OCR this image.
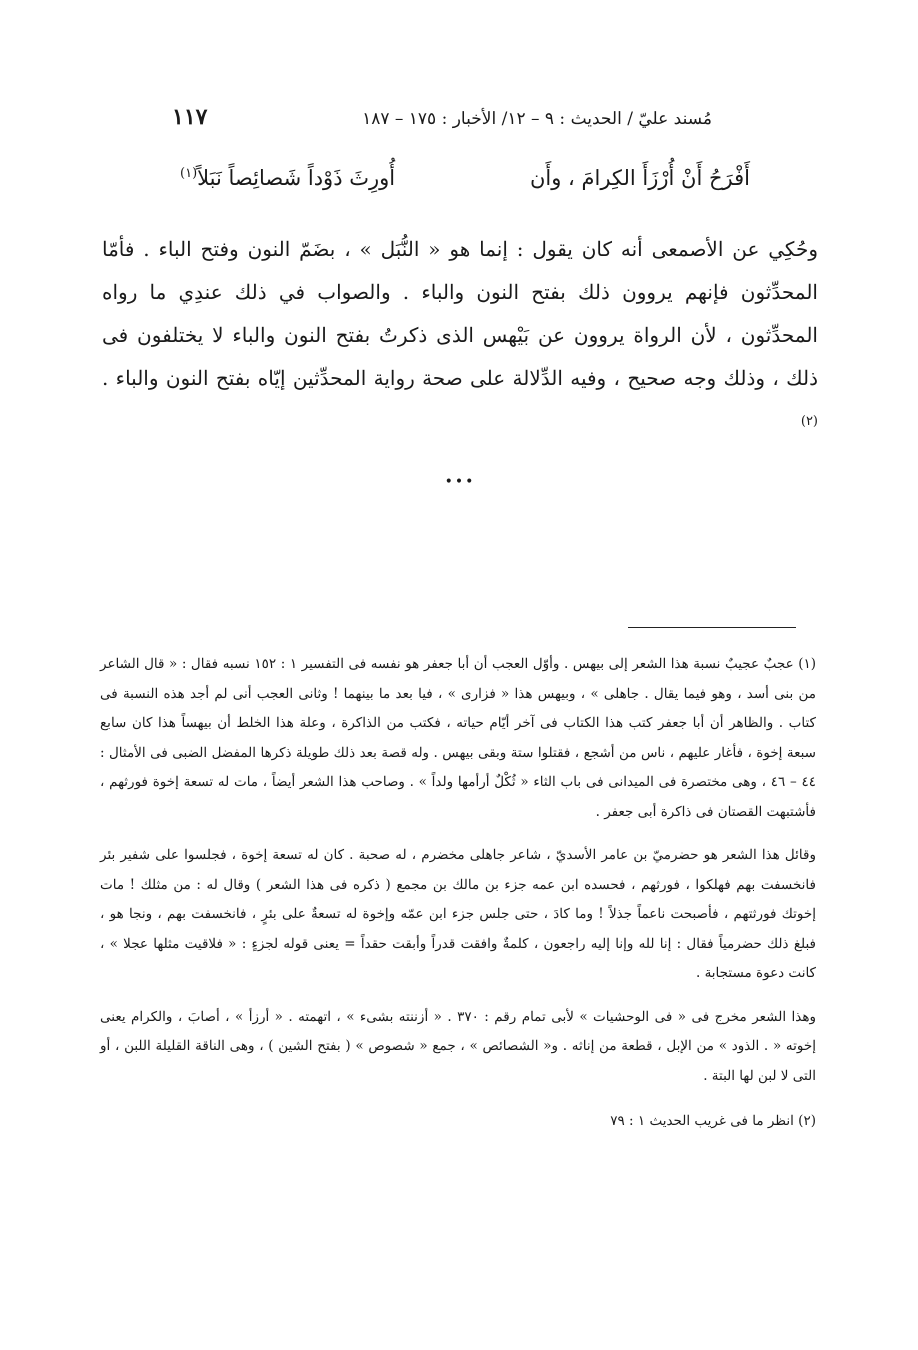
مُسند عليّ / الحديث : ٩ – ١٢/ الأخبار : ١٧٥ – ١٨٧
١١٧
أَفْرَحُ أَنْ أُرْزَأَ الكِرامَ ، وأَن
أُورِثَ ذَوْداً شَصائِصاً نَبَلاً$^{(١)}$

وحُكِي عن الأصمعى أنه كان يقول : إنما هو « النُّبَل » ، بضَمّ النون وفتح الباء . فأمّا المحدِّثون فإنهم يروون ذلك بفتح النون والباء . والصواب في ذلك عندِي ما رواه المحدِّثون ، لأن الرواة يروون عن بَيْهس الذى ذكرتُ بفتح النون والباء لا يختلفون فى ذلك ، وذلك وجه صحيح ، وفيه الدِّلالة على صحة رواية المحدِّثين إيّاه بفتح النون والباء .$^{(٢)}$

•••

(١) عجبٌ عجيبٌ نسبة هذا الشعر إلى بيهس . وأوّل العجب أن أبا جعفر هو نفسه فى التفسير ١ : ١٥٢ نسبه فقال : « قال الشاعر من بنى أسد ، وهو فيما يقال . جاهلى » ، وبيهس هذا « فزارى » ، فيا بعد ما بينهما ! وثانى العجب أنى لم أجد هذه النسبة فى كتاب . والظاهر أن أبا جعفر كتب هذا الكتاب فى آخر أيّام حياته ، فكتب من الذاكرة ، وعلة هذا الخلط أن بيهساً هذا كان سابع سبعة إخوة ، فأغار عليهم ، ناس من أشجع ، فقتلوا ستة وبقى بيهس . وله قصة بعد ذلك طويلة ذكرها المفضل الضبى فى الأمثال : ٤٤ – ٤٦ ، وهى مختصرة فى الميدانى فى باب الثاء « ثُكْلٌ أرأمها ولداً » . وصاحب هذا الشعر أيضاً ، مات له تسعة إخوة فورثهم ، فأشتبهت القصتان فى ذاكرة أبى جعفر .

وقائل هذا الشعر هو حضرميّ بن عامر الأسديّ ، شاعر جاهلى مخضرم ، له صحبة . كان له تسعة إخوة ، فجلسوا على شفير بئر فانخسفت بهم فهلكوا ، فورثهم ، فحسده ابن عمه جزء بن مالك بن مجمع ( ذكره فى هذا الشعر ) وقال له : من مثلك ! مات إخوتك فورثتهم ، فأصبحت ناعماً جذلاً ! وما كادَ ، حتى جلس جزء ابن عمّه وإخوة له تسعةٌ على بئرٍ ، فانخسفت بهم ، ونجا هو ، فبلغ ذلك حضرمياً فقال : إنا لله وإنا إليه راجعون ، كلمةٌ وافقت قدراً وأبقت حقداً = يعنى قوله لجزءٍ : « فلاقيت مثلها عجلا » ، كانت دعوة مستجابة .

وهذا الشعر مخرج فى « فى الوحشيات » لأبى تمام رقم : ٣٧٠ . « أزننته بشىء » ، اتهمته . « أرزأ » ، أصابَ ، والكرام يعنى إخوته « . الذود » من الإبل ، قطعة من إناثه . و« الشصائص » ، جمع « شصوص » ( بفتح الشين ) ، وهى الناقة القليلة اللبن ، أو التى لا لبن لها البتة .

(٢) انظر ما فى غريب الحديث ١ : ٧٩
